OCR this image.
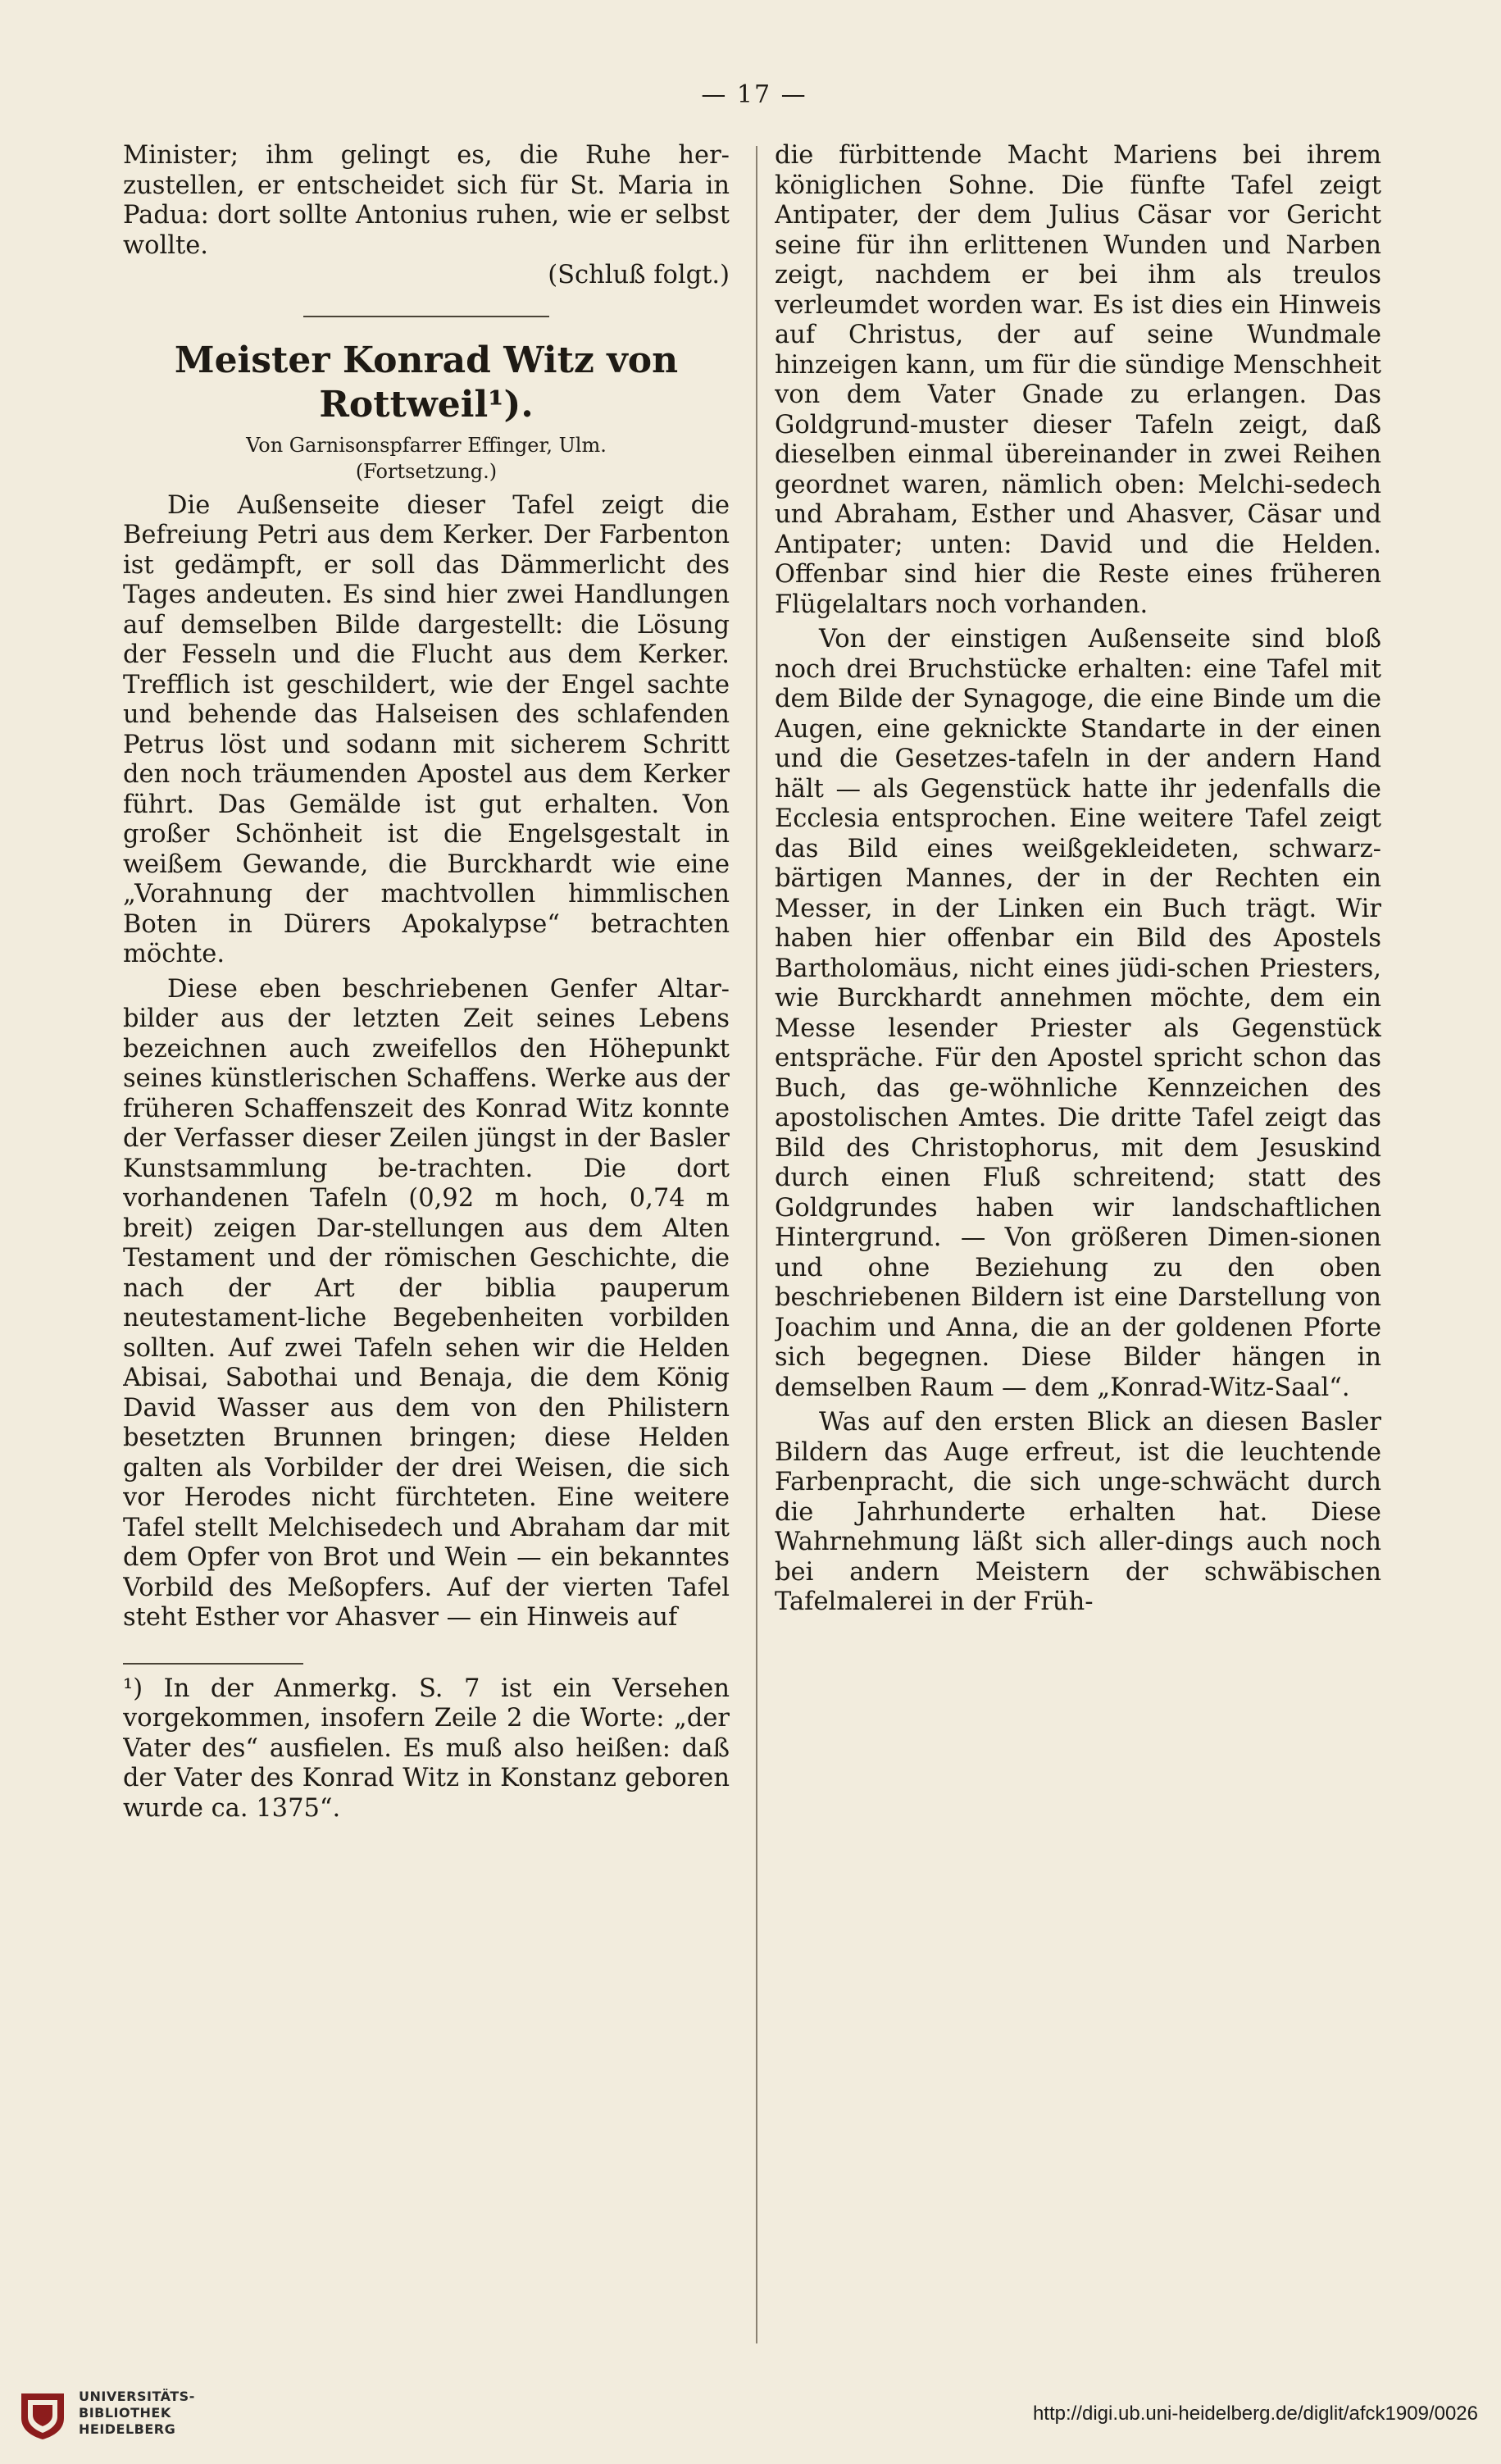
— 17 —

Minister; ihm gelingt es, die Ruhe her-zustellen, er entscheidet sich für St. Maria in Padua: dort sollte Antonius ruhen, wie er selbst wollte.

(Schluß folgt.)
Meister Konrad Witz von Rottweil¹).
Von Garnisonspfarrer Effinger, Ulm.
(Fortsetzung.)

Die Außenseite dieser Tafel zeigt die Befreiung Petri aus dem Kerker. Der Farbenton ist gedämpft, er soll das Dämmerlicht des Tages andeuten. Es sind hier zwei Handlungen auf demselben Bilde dargestellt: die Lösung der Fesseln und die Flucht aus dem Kerker. Trefflich ist geschildert, wie der Engel sachte und behende das Halseisen des schlafenden Petrus löst und sodann mit sicherem Schritt den noch träumenden Apostel aus dem Kerker führt. Das Gemälde ist gut erhalten. Von großer Schönheit ist die Engelsgestalt in weißem Gewande, die Burckhardt wie eine „Vorahnung der machtvollen himmlischen Boten in Dürers Apokalypse“ betrachten möchte.

Diese eben beschriebenen Genfer Altar-bilder aus der letzten Zeit seines Lebens bezeichnen auch zweifellos den Höhepunkt seines künstlerischen Schaffens. Werke aus der früheren Schaffenszeit des Konrad Witz konnte der Verfasser dieser Zeilen jüngst in der Basler Kunstsammlung be-trachten. Die dort vorhandenen Tafeln (0,92 m hoch, 0,74 m breit) zeigen Dar-stellungen aus dem Alten Testament und der römischen Geschichte, die nach der Art der biblia pauperum neutestament-liche Begebenheiten vorbilden sollten. Auf zwei Tafeln sehen wir die Helden Abisai, Sabothai und Benaja, die dem König David Wasser aus dem von den Philistern besetzten Brunnen bringen; diese Helden galten als Vorbilder der drei Weisen, die sich vor Herodes nicht fürchteten. Eine weitere Tafel stellt Melchisedech und Abraham dar mit dem Opfer von Brot und Wein — ein bekanntes Vorbild des Meßopfers. Auf der vierten Tafel steht Esther vor Ahasver — ein Hinweis auf

¹) In der Anmerkg. S. 7 ist ein Versehen vorgekommen, insofern Zeile 2 die Worte: „der Vater des“ ausfielen. Es muß also heißen: daß der Vater des Konrad Witz in Konstanz geboren wurde ca. 1375“.

die fürbittende Macht Mariens bei ihrem königlichen Sohne. Die fünfte Tafel zeigt Antipater, der dem Julius Cäsar vor Gericht seine für ihn erlittenen Wunden und Narben zeigt, nachdem er bei ihm als treulos verleumdet worden war. Es ist dies ein Hinweis auf Christus, der auf seine Wundmale hinzeigen kann, um für die sündige Menschheit von dem Vater Gnade zu erlangen. Das Goldgrund-muster dieser Tafeln zeigt, daß dieselben einmal übereinander in zwei Reihen geordnet waren, nämlich oben: Melchi-sedech und Abraham, Esther und Ahasver, Cäsar und Antipater; unten: David und die Helden. Offenbar sind hier die Reste eines früheren Flügelaltars noch vorhanden.

Von der einstigen Außenseite sind bloß noch drei Bruchstücke erhalten: eine Tafel mit dem Bilde der Synagoge, die eine Binde um die Augen, eine geknickte Standarte in der einen und die Gesetzes-tafeln in der andern Hand hält — als Gegenstück hatte ihr jedenfalls die Ecclesia entsprochen. Eine weitere Tafel zeigt das Bild eines weißgekleideten, schwarz-bärtigen Mannes, der in der Rechten ein Messer, in der Linken ein Buch trägt. Wir haben hier offenbar ein Bild des Apostels Bartholomäus, nicht eines jüdi-schen Priesters, wie Burckhardt annehmen möchte, dem ein Messe lesender Priester als Gegenstück entspräche. Für den Apostel spricht schon das Buch, das ge-wöhnliche Kennzeichen des apostolischen Amtes. Die dritte Tafel zeigt das Bild des Christophorus, mit dem Jesuskind durch einen Fluß schreitend; statt des Goldgrundes haben wir landschaftlichen Hintergrund. — Von größeren Dimen-sionen und ohne Beziehung zu den oben beschriebenen Bildern ist eine Darstellung von Joachim und Anna, die an der goldenen Pforte sich begegnen. Diese Bilder hängen in demselben Raum — dem „Konrad-Witz-Saal“.

Was auf den ersten Blick an diesen Basler Bildern das Auge erfreut, ist die leuchtende Farbenpracht, die sich unge-schwächt durch die Jahrhunderte erhalten hat. Diese Wahrnehmung läßt sich aller-dings auch noch bei andern Meistern der schwäbischen Tafelmalerei in der Früh-

UNIVERSITÄTS-
BIBLIOTHEK
HEIDELBERG
http://digi.ub.uni-heidelberg.de/diglit/afck1909/0026
